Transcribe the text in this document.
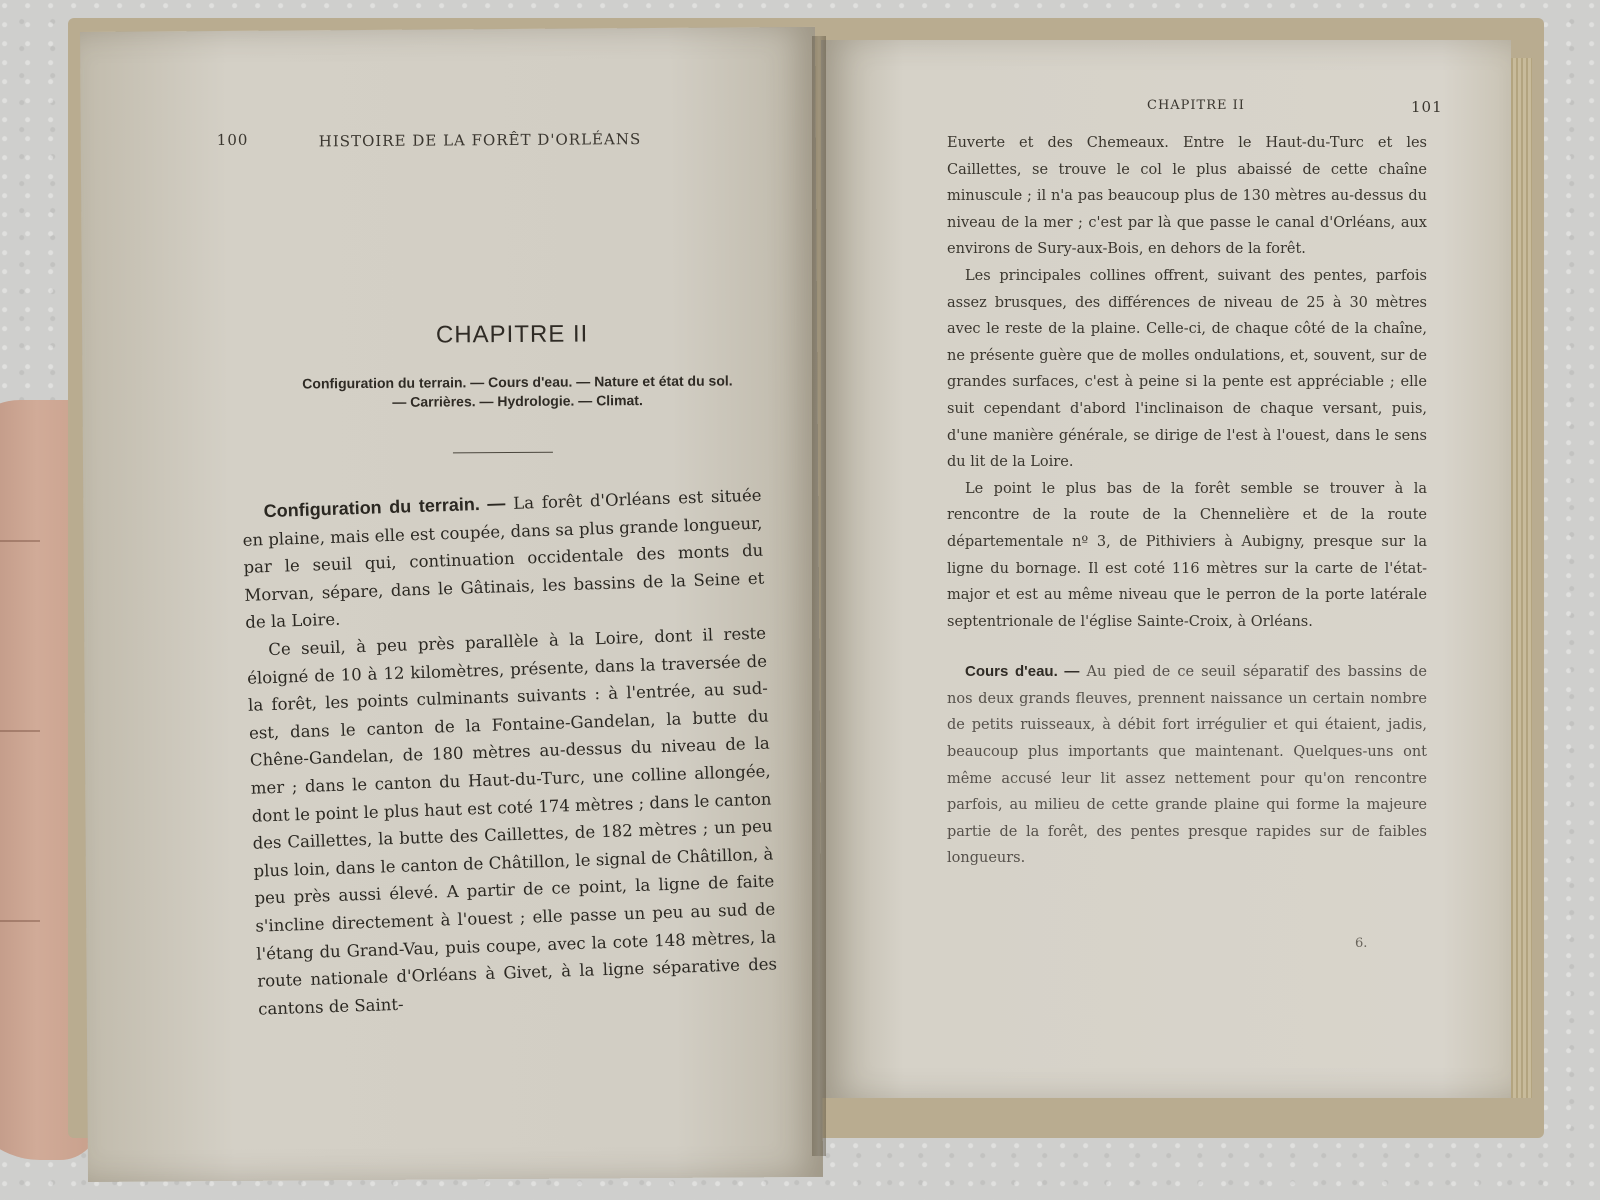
100	HISTOIRE DE LA FORÊT D'ORLÉANS
CHAPITRE II
Configuration du terrain. — Cours d'eau. — Nature et état du sol.
— Carrières. — Hydrologie. — Climat.

Configuration du terrain. — La forêt d'Orléans est située en plaine, mais elle est coupée, dans sa plus grande longueur, par le seuil qui, continuation occidentale des monts du Morvan, sépare, dans le Gâtinais, les bassins de la Seine et de la Loire.

Ce seuil, à peu près parallèle à la Loire, dont il reste éloigné de 10 à 12 kilomètres, présente, dans la traversée de la forêt, les points culminants suivants : à l'entrée, au sud-est, dans le canton de la Fontaine-Gandelan, la butte du Chêne-Gandelan, de 180 mètres au-dessus du niveau de la mer ; dans le canton du Haut-du-Turc, une colline allongée, dont le point le plus haut est coté 174 mètres ; dans le canton des Caillettes, la butte des Caillettes, de 182 mètres ; un peu plus loin, dans le canton de Châtillon, le signal de Châtillon, à peu près aussi élevé. A partir de ce point, la ligne de faite s'incline directement à l'ouest ; elle passe un peu au sud de l'étang du Grand-Vau, puis coupe, avec la cote 148 mètres, la route nationale d'Orléans à Givet, à la ligne séparative des cantons de Saint-

CHAPITRE II	101

Euverte et des Chemeaux. Entre le Haut-du-Turc et les Caillettes, se trouve le col le plus abaissé de cette chaîne minuscule ; il n'a pas beaucoup plus de 130 mètres au-dessus du niveau de la mer ; c'est par là que passe le canal d'Orléans, aux environs de Sury-aux-Bois, en dehors de la forêt.

Les principales collines offrent, suivant des pentes, parfois assez brusques, des différences de niveau de 25 à 30 mètres avec le reste de la plaine. Celle-ci, de chaque côté de la chaîne, ne présente guère que de molles ondulations, et, souvent, sur de grandes surfaces, c'est à peine si la pente est appréciable ; elle suit cependant d'abord l'inclinaison de chaque versant, puis, d'une manière générale, se dirige de l'est à l'ouest, dans le sens du lit de la Loire.

Le point le plus bas de la forêt semble se trouver à la rencontre de la route de la Chennelière et de la route départementale nº 3, de Pithiviers à Aubigny, presque sur la ligne du bornage. Il est coté 116 mètres sur la carte de l'état-major et est au même niveau que le perron de la porte latérale septentrionale de l'église Sainte-Croix, à Orléans.

Cours d'eau. — Au pied de ce seuil séparatif des bassins de nos deux grands fleuves, prennent naissance un certain nombre de petits ruisseaux, à débit fort irrégulier et qui étaient, jadis, beaucoup plus importants que maintenant. Quelques-uns ont même accusé leur lit assez nettement pour qu'on rencontre parfois, au milieu de cette grande plaine qui forme la majeure partie de la forêt, des pentes presque rapides sur de faibles longueurs.

6.
